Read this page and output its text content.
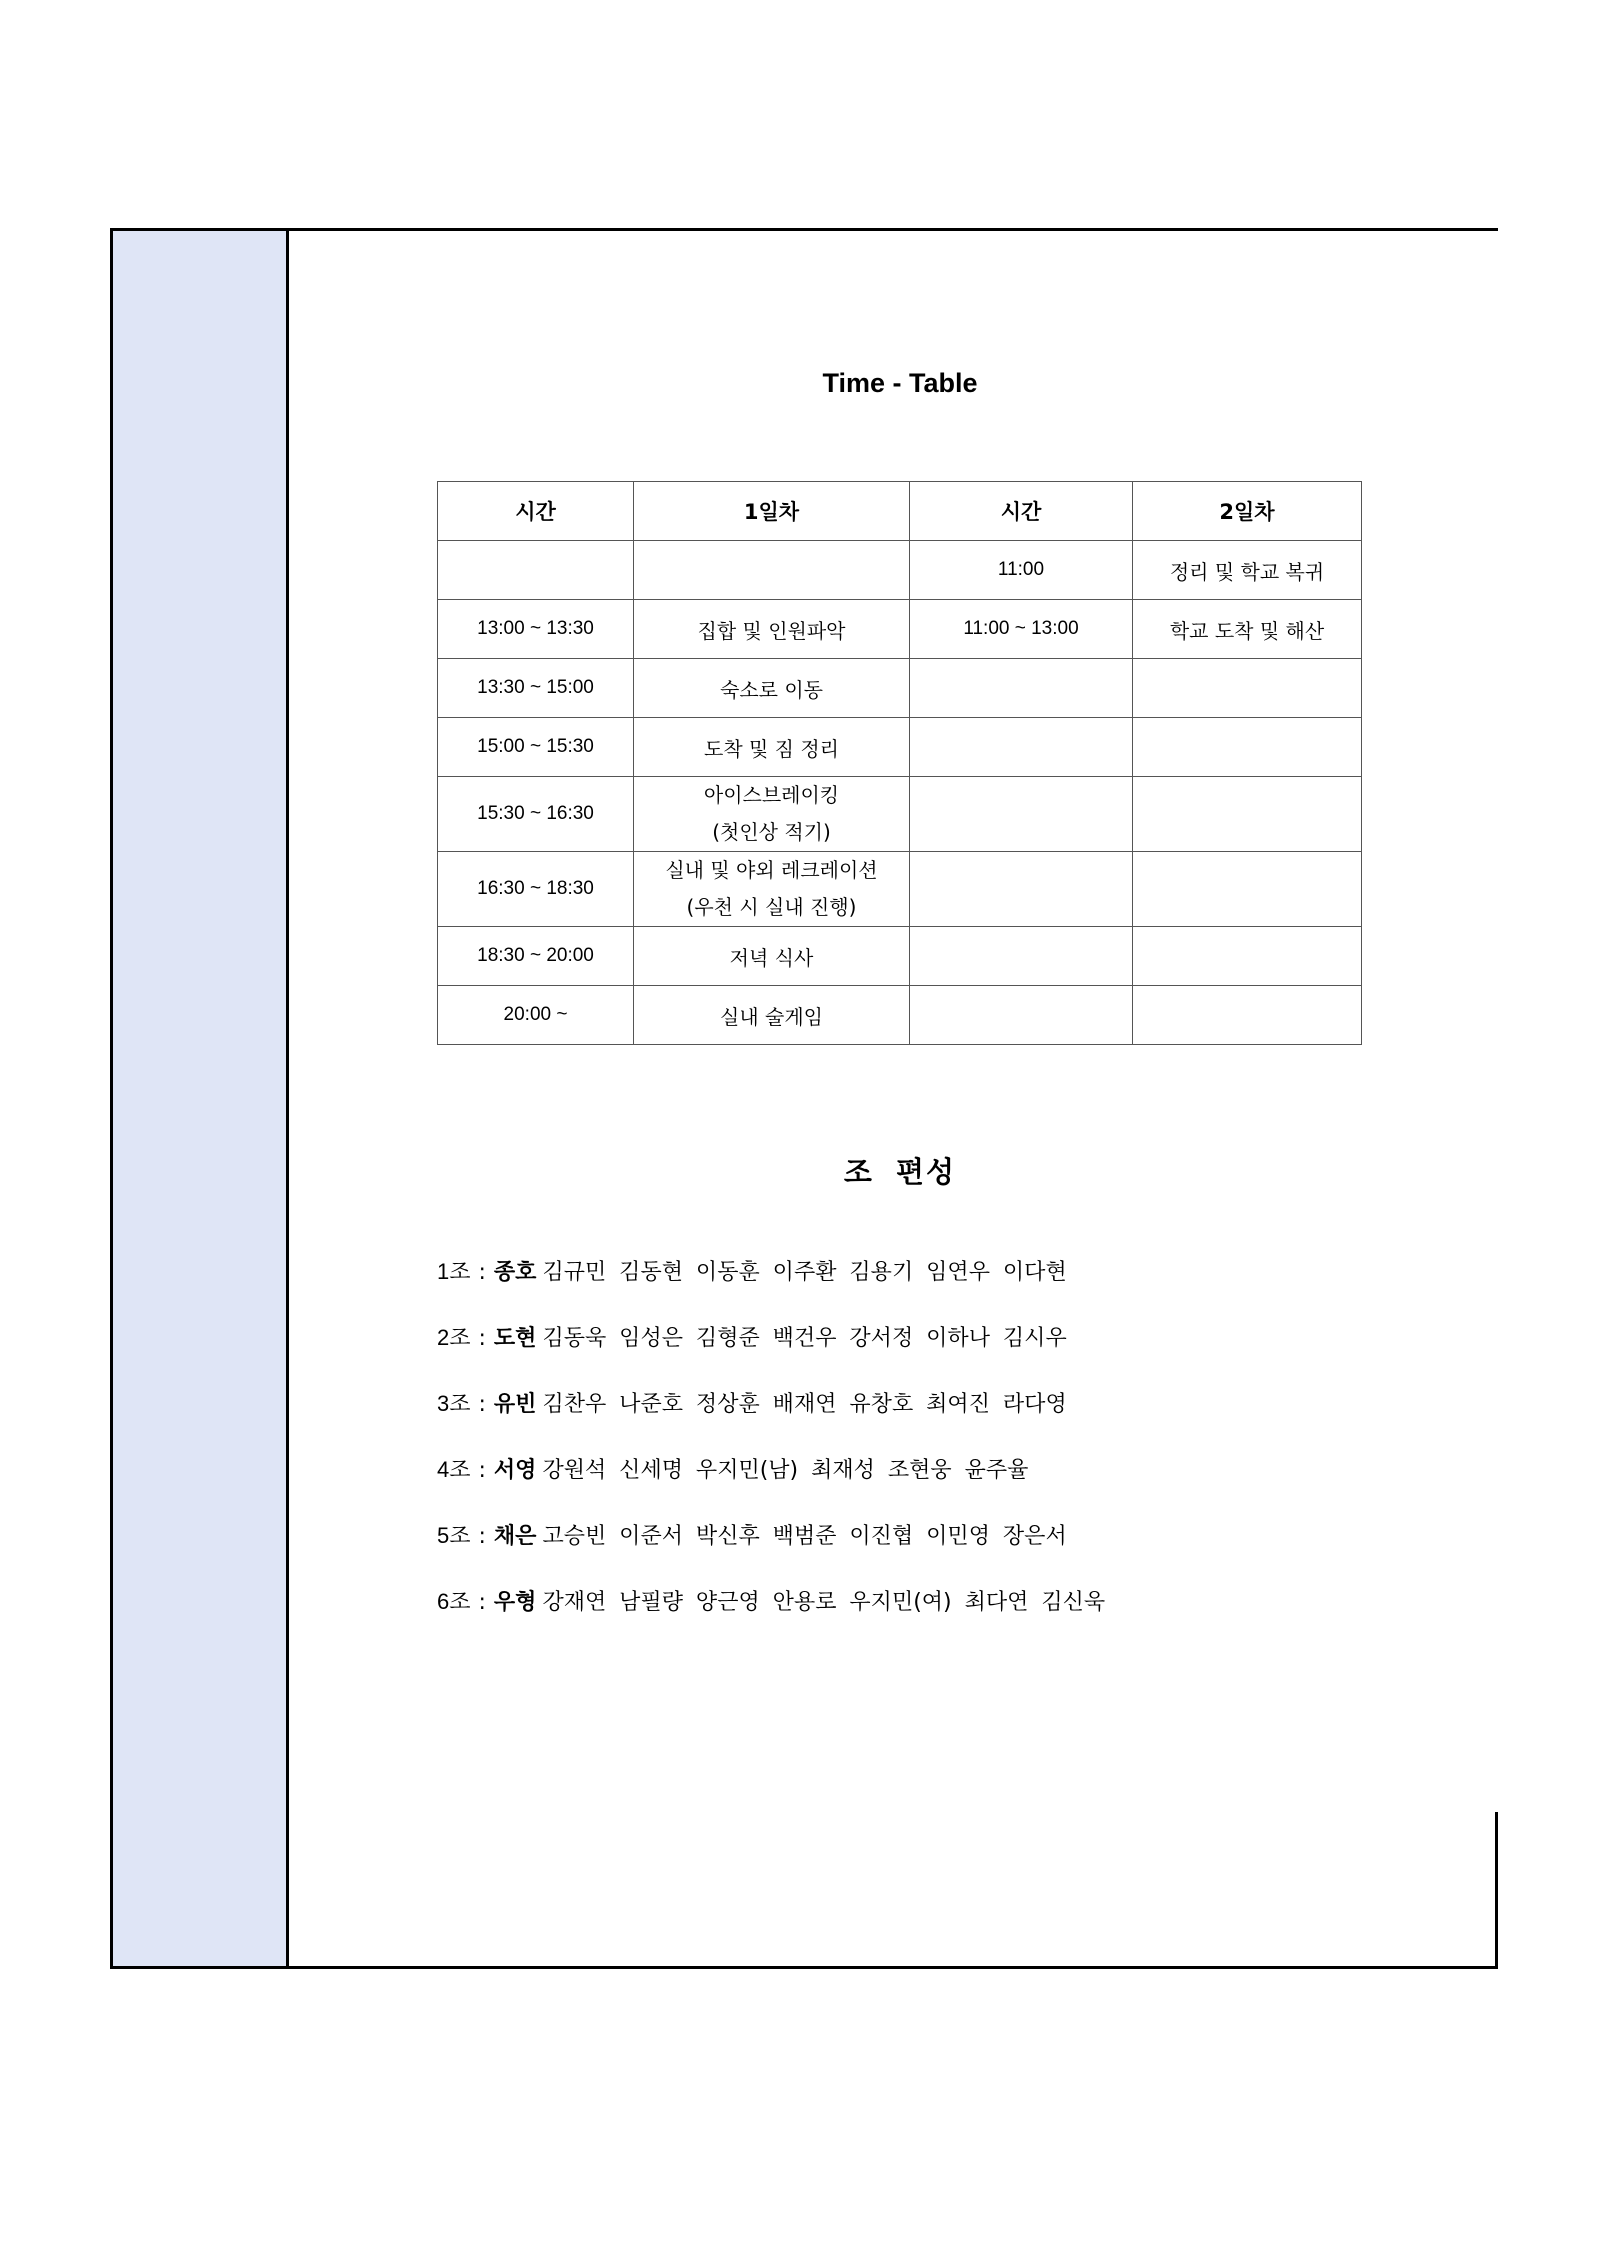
Time - Table
시간	1일차	시간	2일차
		11:00	정리 및 학교 복귀
13:00 ~ 13:30	집합 및 인원파악	11:00 ~ 13:00	학교 도착 및 해산
13:30 ~ 15:00	숙소로 이동		
15:00 ~ 15:30	도착 및 짐 정리		
15:30 ~ 16:30	아이스브레이킹
(첫인상 적기)		

16:30 ~ 18:30	실내 및 야외 레크레이션
(우천 시 실내 진행)		

18:30 ~ 20:00	저녁 식사		
20:00 ~	실내 술게임		
조 편성
1조 : 종호 김규민 김동현 이동훈 이주환 김용기 임연우 이다현
2조 : 도현 김동욱 임성은 김형준 백건우 강서정 이하나 김시우
3조 : 유빈 김찬우 나준호 정상훈 배재연 유창호 최여진 라다영
4조 : 서영 강원석 신세명 우지민(남) 최재성 조현웅 윤주율
5조 : 채은 고승빈 이준서 박신후 백범준 이진협 이민영 장은서
6조 : 우형 강재연 남필량 양근영 안용로 우지민(여) 최다연 김신욱
